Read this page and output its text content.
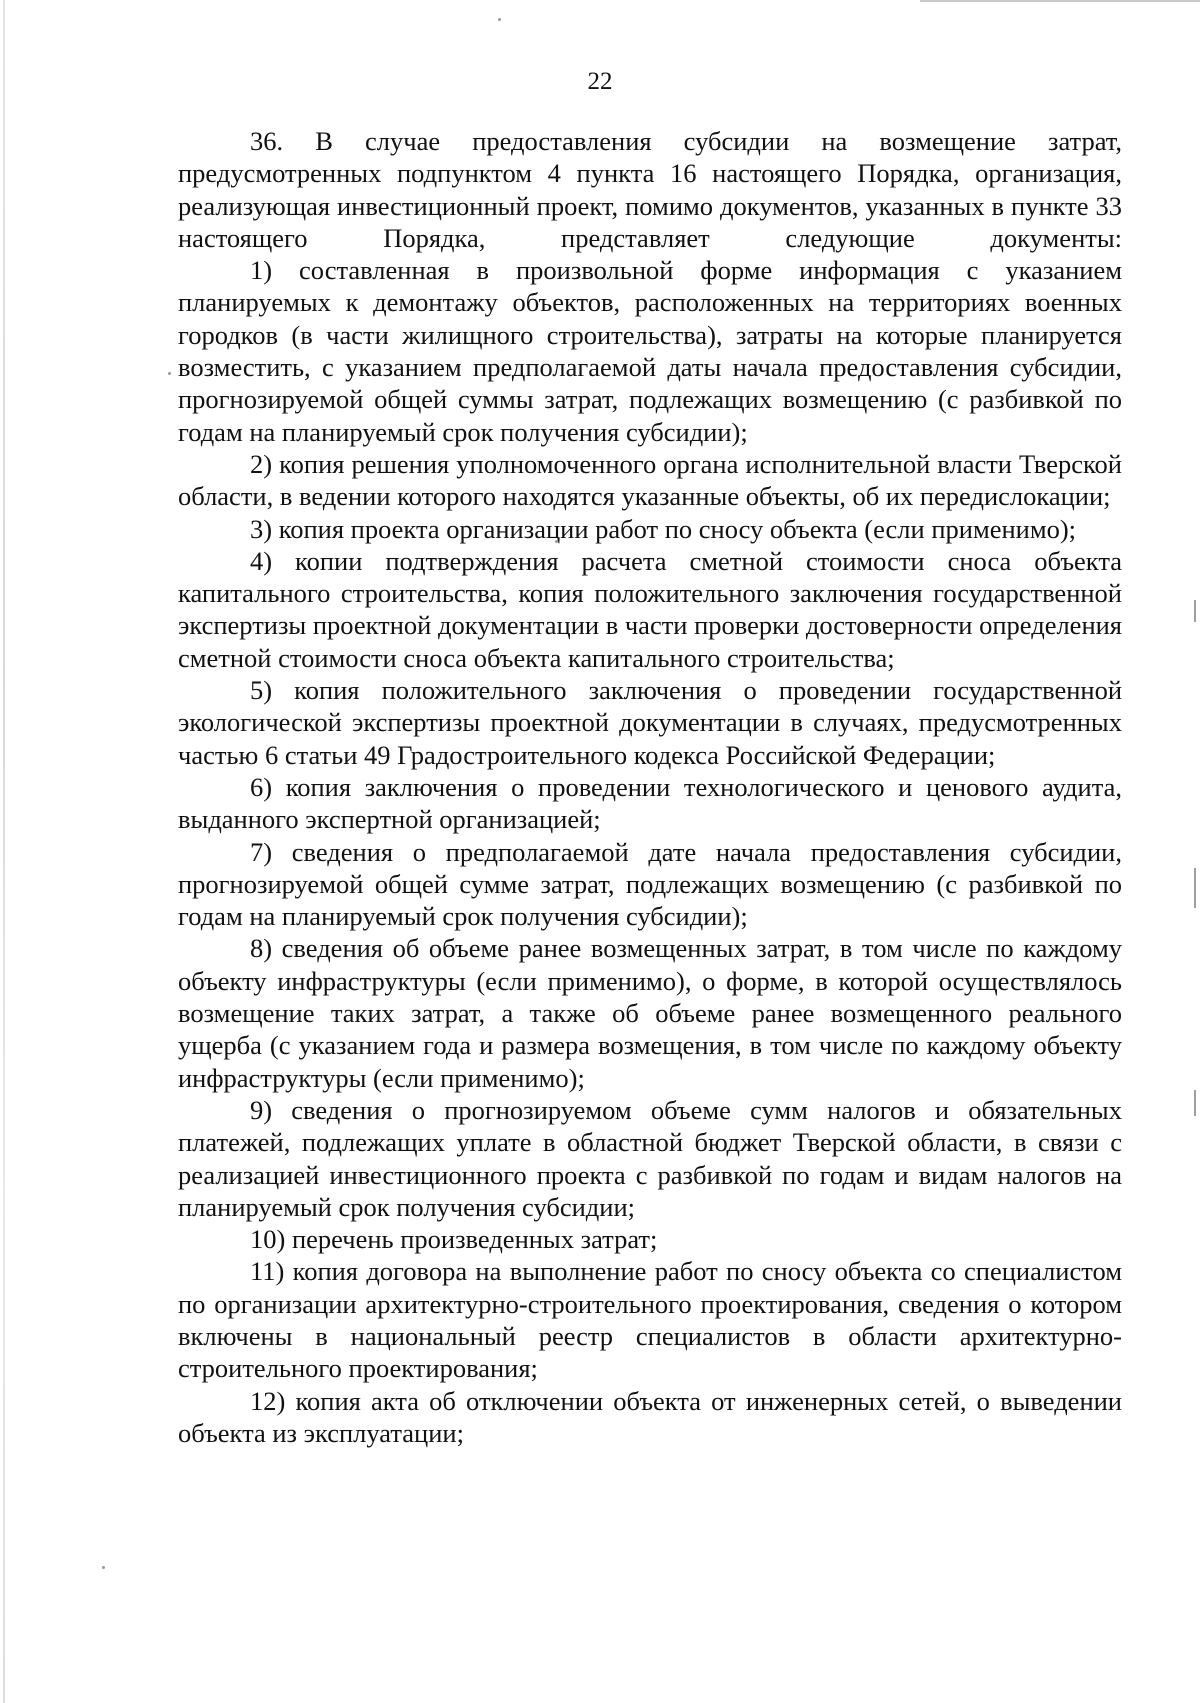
22

36. В случае предоставления субсидии на возмещение затрат, предусмотренных подпунктом 4 пункта 16 настоящего Порядка, организация, реализующая инвестиционный проект, помимо документов, указанных в пункте 33 настоящего Порядка, представляет следующие документы:

1) составленная в произвольной форме информация с указанием планируемых к демонтажу объектов, расположенных на территориях военных городков (в части жилищного строительства), затраты на которые планируется возместить, с указанием предполагаемой даты начала предоставления субсидии, прогнозируемой общей суммы затрат, подлежащих возмещению (с разбивкой по годам на планируемый срок получения субсидии);

2) копия решения уполномоченного органа исполнительной власти Тверской области, в ведении которого находятся указанные объекты, об их передислокации;

3) копия проекта организации работ по сносу объекта (если применимо);

4) копии подтверждения расчета сметной стоимости сноса объекта капитального строительства, копия положительного заключения государственной экспертизы проектной документации в части проверки достоверности определения сметной стоимости сноса объекта капитального строительства;

5) копия положительного заключения о проведении государственной экологической экспертизы проектной документации в случаях, предусмотренных частью 6 статьи 49 Градостроительного кодекса Российской Федерации;

6) копия заключения о проведении технологического и ценового аудита, выданного экспертной организацией;

7) сведения о предполагаемой дате начала предоставления субсидии, прогнозируемой общей сумме затрат, подлежащих возмещению (с разбивкой по годам на планируемый срок получения субсидии);

8) сведения об объеме ранее возмещенных затрат, в том числе по каждому объекту инфраструктуры (если применимо), о форме, в которой осуществлялось возмещение таких затрат, а также об объеме ранее возмещенного реального ущерба (с указанием года и размера возмещения, в том числе по каждому объекту инфраструктуры (если применимо);

9) сведения о прогнозируемом объеме сумм налогов и обязательных платежей, подлежащих уплате в областной бюджет Тверской области, в связи с реализацией инвестиционного проекта с разбивкой по годам и видам налогов на планируемый срок получения субсидии;

10) перечень произведенных затрат;

11) копия договора на выполнение работ по сносу объекта со специалистом по организации архитектурно-строительного проектирования, сведения о котором включены в национальный реестр специалистов в области архитектурно-строительного проектирования;

12) копия акта об отключении объекта от инженерных сетей, о выведении объекта из эксплуатации;
